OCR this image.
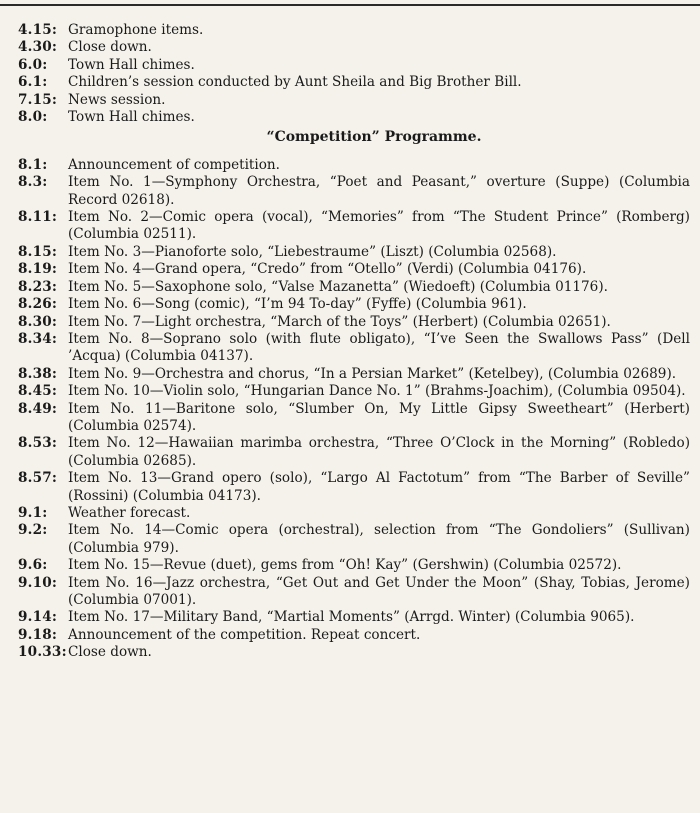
4.15: Gramophone items.
4.30: Close down.
6.0:	Town Hall chimes.
6.1:	Children’s session conducted by Aunt Sheila and Big Brother Bill.
7.15: News session.
8.0:	Town Hall chimes.
“Competition” Programme.
8.1:	Announcement of competition.
8.3:	Item No. 1—Symphony Orchestra, “Poet and Peasant,” overture (Suppe) (Columbia Record 02618).
8.11: Item No. 2—Comic opera (vocal), “Memories” from “The Student Prince” (Romberg) (Columbia 02511).
8.15: Item No. 3—Pianoforte solo, “Liebestraume” (Liszt) (Columbia 02568).
8.19: Item No. 4—Grand opera, “Credo” from “Otello” (Verdi) (Columbia 04176).
8.23: Item No. 5—Saxophone solo, “Valse Mazanetta” (Wiedoeft) (Columbia 01176).
8.26: Item No. 6—Song (comic), “I’m 94 To-day” (Fyffe) (Columbia 961).
8.30: Item No. 7—Light orchestra, “March of the Toys” (Herbert) (Columbia 02651).
8.34: Item No. 8—Soprano solo (with flute obligato), “I’ve Seen the Swallows Pass” (Dell ’Acqua) (Columbia 04137).
8.38: Item No. 9—Orchestra and chorus, “In a Persian Market” (Ketelbey), (Columbia 02689).
8.45: Item No. 10—Violin solo, “Hungarian Dance No. 1” (Brahms-Joachim), (Columbia 09504).
8.49: Item No. 11—Baritone solo, “Slumber On, My Little Gipsy Sweetheart” (Herbert) (Columbia 02574).
8.53: Item No. 12—Hawaiian marimba orchestra, “Three O’Clock in the Morning” (Robledo) (Columbia 02685).
8.57: Item No. 13—Grand opero (solo), “Largo Al Factotum” from “The Barber of Seville” (Rossini) (Columbia 04173).
9.1:	Weather forecast.
9.2:	Item No. 14—Comic opera (orchestral), selection from “The Gondoliers” (Sullivan) (Columbia 979).
9.6:	Item No. 15—Revue (duet), gems from “Oh! Kay” (Gershwin) (Columbia 02572).
9.10: Item No. 16—Jazz orchestra, “Get Out and Get Under the Moon” (Shay, Tobias, Jerome) (Columbia 07001).
9.14: Item No. 17—Military Band, “Martial Moments” (Arrgd. Winter) (Columbia 9065).
9.18: Announcement of the competition. Repeat concert.
10.33: Close down.
